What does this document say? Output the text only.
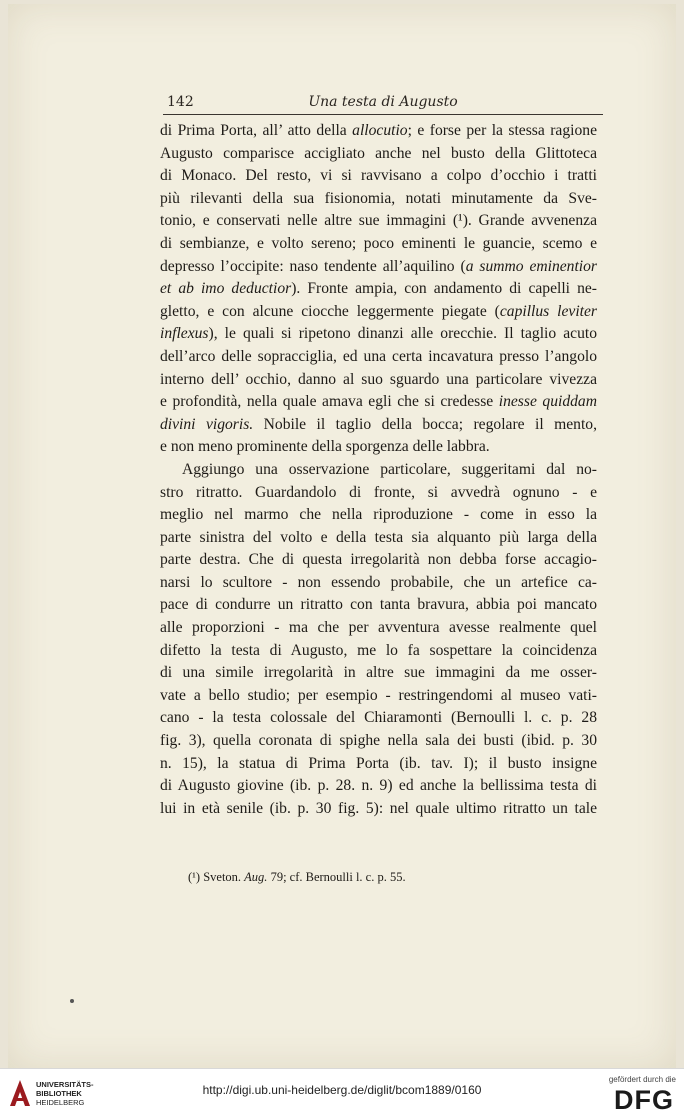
142	Una testa di Augusto
di Prima Porta, all’ atto della allocutio; e forse per la stessa ragione
Augusto comparisce accigliato anche nel busto della Glittoteca
di Monaco. Del resto, vi si ravvisano a colpo d’occhio i tratti
più rilevanti della sua fisionomia, notati minutamente da Sve-
tonio, e conservati nelle altre sue immagini (¹). Grande avvenenza
di sembianze, e volto sereno; poco eminenti le guancie, scemo e
depresso l’occipite: naso tendente all’aquilino (a summo eminentior
et ab imo deductior). Fronte ampia, con andamento di capelli ne-
gletto, e con alcune ciocche leggermente piegate (capillus leviter
inflexus), le quali si ripetono dinanzi alle orecchie. Il taglio acuto
dell’arco delle sopracciglia, ed una certa incavatura presso l’angolo
interno dell’ occhio, danno al suo sguardo una particolare vivezza
e profondità, nella quale amava egli che si credesse inesse quiddam
divini vigoris. Nobile il taglio della bocca; regolare il mento,
e non meno prominente della sporgenza delle labbra.
Aggiungo una osservazione particolare, suggeritami dal no-
stro ritratto. Guardandolo di fronte, si avvedrà ognuno - e
meglio nel marmo che nella riproduzione - come in esso la
parte sinistra del volto e della testa sia alquanto più larga della
parte destra. Che di questa irregolarità non debba forse accagio-
narsi lo scultore - non essendo probabile, che un artefice ca-
pace di condurre un ritratto con tanta bravura, abbia poi mancato
alle proporzioni - ma che per avventura avesse realmente quel
difetto la testa di Augusto, me lo fa sospettare la coincidenza
di una simile irregolarità in altre sue immagini da me osser-
vate a bello studio; per esempio - restringendomi al museo vati-
cano - la testa colossale del Chiaramonti (Bernoulli l. c. p. 28
fig. 3), quella coronata di spighe nella sala dei busti (ibid. p. 30
n. 15), la statua di Prima Porta (ib. tav. I); il busto insigne
di Augusto giovine (ib. p. 28. n. 9) ed anche la bellissima testa di
lui in età senile (ib. p. 30 fig. 5): nel quale ultimo ritratto un tale
(¹) Sveton. Aug. 79; cf. Bernoulli l. c. p. 55.
UNIVERSITÄTS-
BIBLIOTHEK
HEIDELBERG
http://digi.ub.uni-heidelberg.de/diglit/bcom1889/0160
gefördert durch die
DFG
